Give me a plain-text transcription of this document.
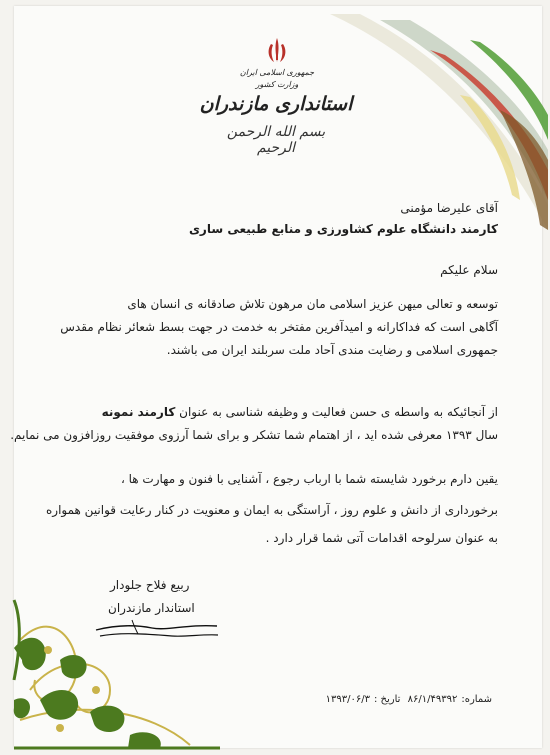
جمهوری اسلامی ایران
وزارت کشور
استانداری مازندران
بسم الله الرحمن الرحیم
آقای علیرضا مؤمنی
کارمند دانشگاه علوم کشاورزی و منابع طبیعی ساری
سلام علیکم
توسعه و تعالی میهن عزیز اسلامی مان مرهون تلاش صادقانه ی انسان های
آگاهی است که فداکارانه و امیدآفرین مفتخر به خدمت در جهت بسط شعائر نظام مقدس
جمهوری اسلامی و رضایت مندی آحاد ملت سربلند ایران می باشند.
از آنجائیکه به واسطه ی حسن فعالیت و وظیفه شناسی به عنوان کارمند نمونه
سال ۱۳۹۳ معرفی شده اید ، از اهتمام شما تشکر و برای شما آرزوی موفقیت روزافزون می نمایم.
یقین دارم برخورد شایسته شما با ارباب رجوع ، آشنایی با فنون و مهارت ها ،
برخورداری از دانش و علوم روز ، آراستگی به ایمان و معنویت در کنار رعایت قوانین همواره
به عنوان سرلوحه اقدامات آتی شما قرار دارد .
ربیع فلاح جلودار
استاندار مازندران
شماره:۸۶/۱/۴۹۳۹۲ تاریخ :۱۳۹۳/۰۶/۳
